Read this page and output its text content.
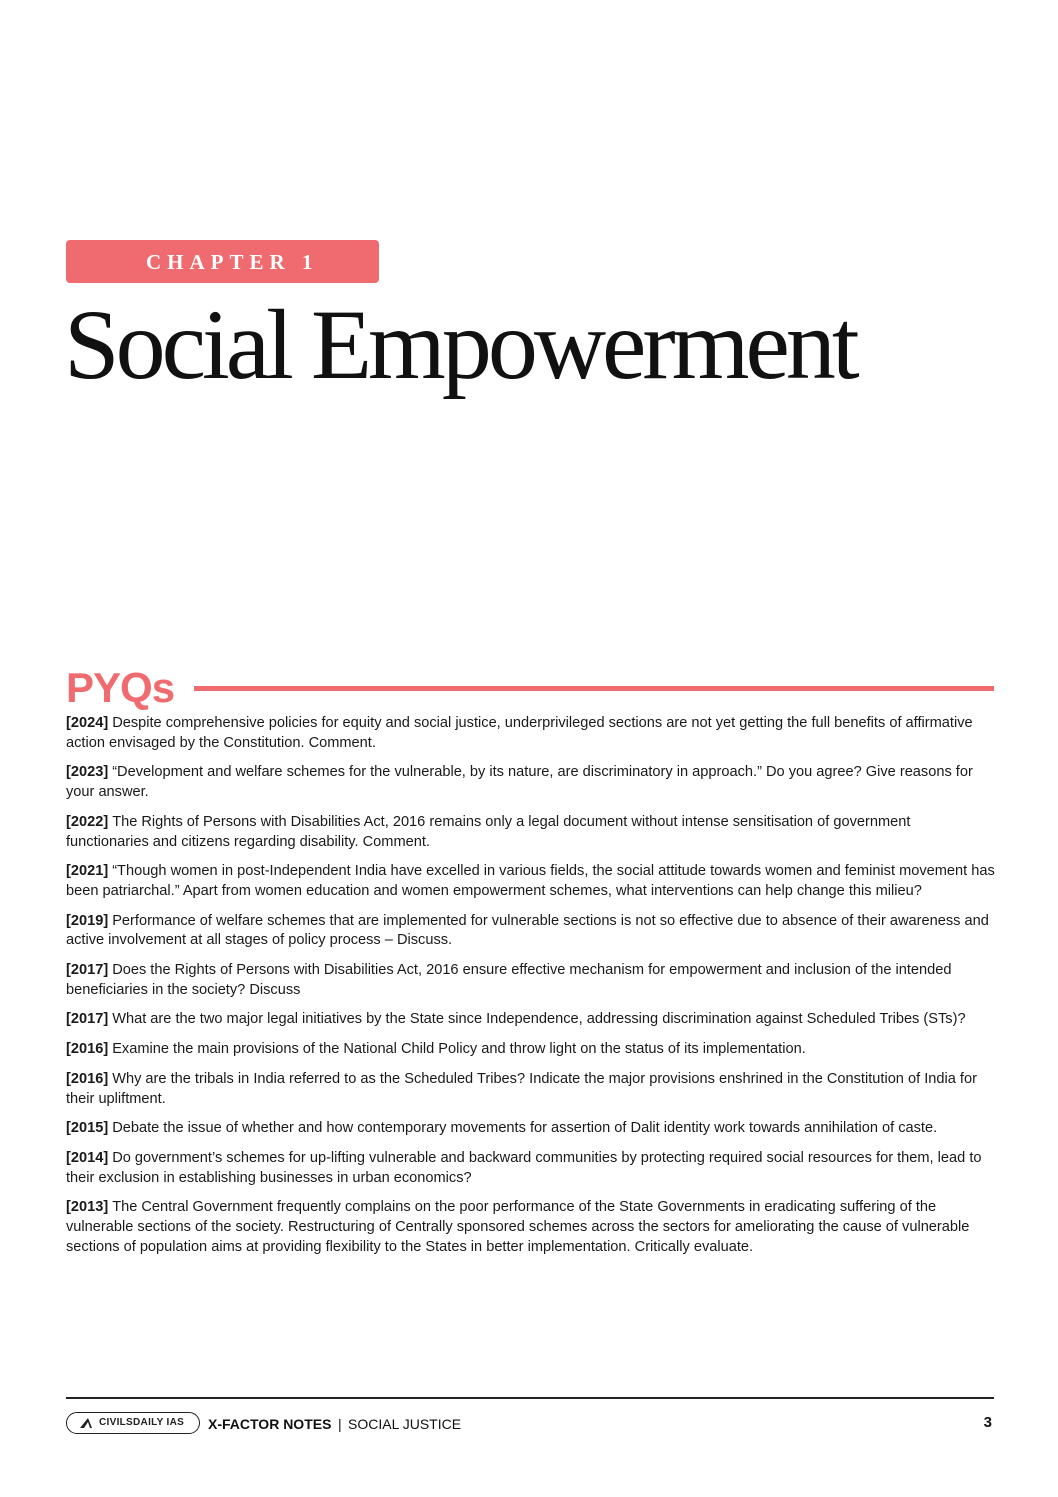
CHAPTER 1
Social Empowerment
PYQs
[2024] Despite comprehensive policies for equity and social justice, underprivileged sections are not yet getting the full benefits of affirmative action envisaged by the Constitution. Comment.
[2023] “Development and welfare schemes for the vulnerable, by its nature, are discriminatory in approach.” Do you agree? Give reasons for your answer.
[2022] The Rights of Persons with Disabilities Act, 2016 remains only a legal document without intense sensitisation of government functionaries and citizens regarding disability. Comment.
[2021] “Though women in post-Independent India have excelled in various fields, the social attitude towards women and feminist movement has been patriarchal.” Apart from women education and women empowerment schemes, what interventions can help change this milieu?
[2019] Performance of welfare schemes that are implemented for vulnerable sections is not so effective due to absence of their awareness and active involvement at all stages of policy process – Discuss.
[2017] Does the Rights of Persons with Disabilities Act, 2016 ensure effective mechanism for empowerment and inclusion of the intended beneficiaries in the society? Discuss
[2017] What are the two major legal initiatives by the State since Independence, addressing discrimination against Scheduled Tribes (STs)?
[2016] Examine the main provisions of the National Child Policy and throw light on the status of its implementation.
[2016] Why are the tribals in India referred to as the Scheduled Tribes? Indicate the major provisions enshrined in the Constitution of India for their upliftment.
[2015] Debate the issue of whether and how contemporary movements for assertion of Dalit identity work towards annihilation of caste.
[2014] Do government’s schemes for up-lifting vulnerable and backward communities by protecting required social resources for them, lead to their exclusion in establishing businesses in urban economics?
[2013] The Central Government frequently complains on the poor performance of the State Governments in eradicating suffering of the vulnerable sections of the society. Restructuring of Centrally sponsored schemes across the sectors for ameliorating the cause of vulnerable sections of population aims at providing flexibility to the States in better implementation. Critically evaluate.
CIVILSDAILY IAS X-FACTOR NOTES | SOCIAL JUSTICE	3
